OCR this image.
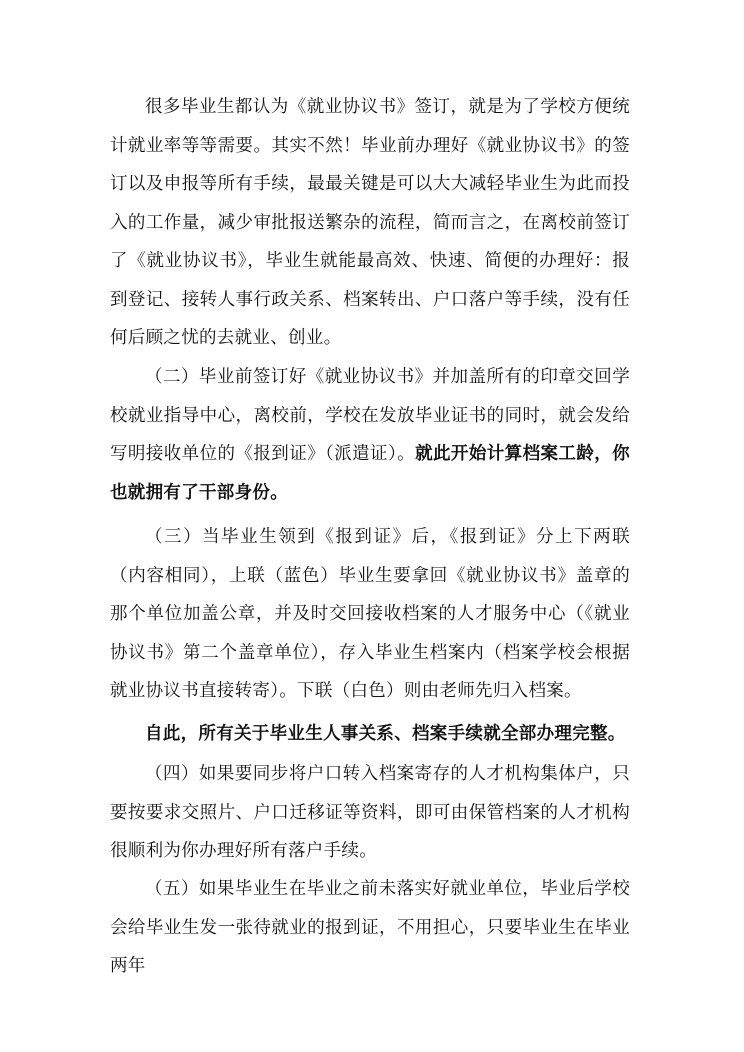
很多毕业生都认为《就业协议书》签订，就是为了学校方便统计就业率等等需要。其实不然！毕业前办理好《就业协议书》的签订以及申报等所有手续，最最关键是可以大大减轻毕业生为此而投入的工作量，减少审批报送繁杂的流程，简而言之，在离校前签订了《就业协议书》，毕业生就能最高效、快速、简便的办理好：报到登记、接转人事行政关系、档案转出、户口落户等手续，没有任何后顾之忧的去就业、创业。

（二）毕业前签订好《就业协议书》并加盖所有的印章交回学校就业指导中心，离校前，学校在发放毕业证书的同时，就会发给写明接收单位的《报到证》（派遣证）。就此开始计算档案工龄，你也就拥有了干部身份。

（三）当毕业生领到《报到证》后，《报到证》分上下两联（内容相同），上联（蓝色）毕业生要拿回《就业协议书》盖章的那个单位加盖公章，并及时交回接收档案的人才服务中心（《就业协议书》第二个盖章单位），存入毕业生档案内（档案学校会根据就业协议书直接转寄）。下联（白色）则由老师先归入档案。

自此，所有关于毕业生人事关系、档案手续就全部办理完整。

（四）如果要同步将户口转入档案寄存的人才机构集体户，只要按要求交照片、户口迁移证等资料，即可由保管档案的人才机构很顺利为你办理好所有落户手续。

（五）如果毕业生在毕业之前未落实好就业单位，毕业后学校会给毕业生发一张待就业的报到证，不用担心，只要毕业生在毕业两年
